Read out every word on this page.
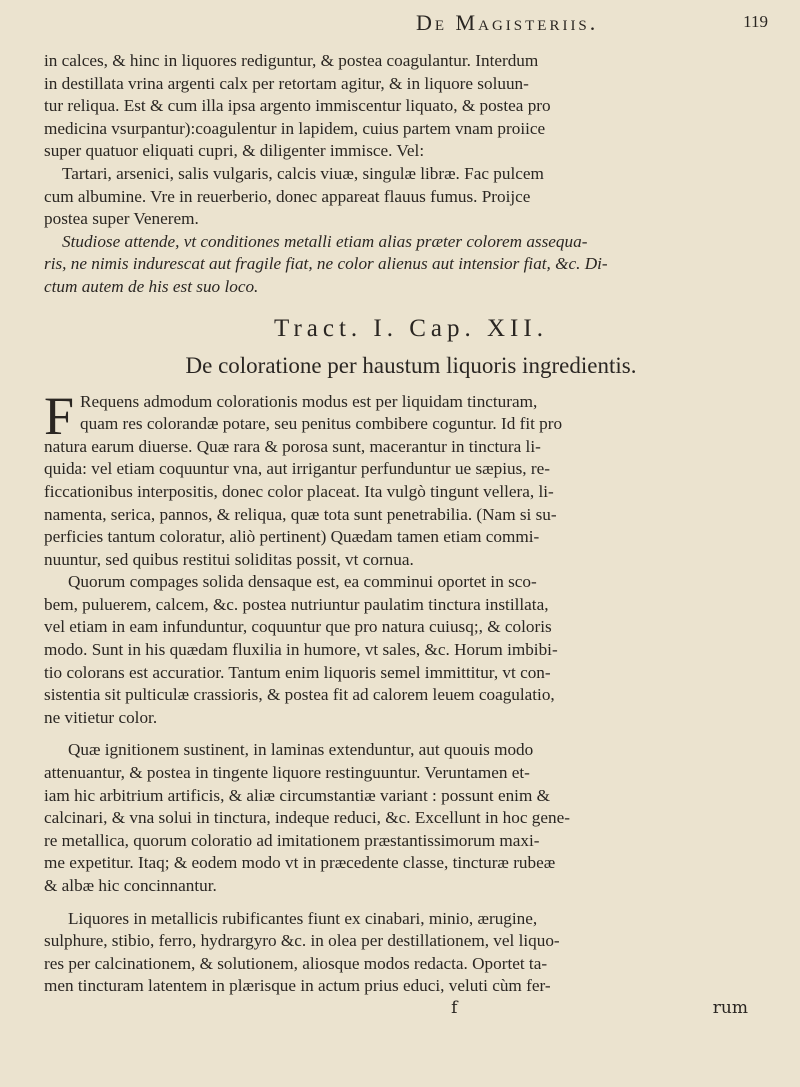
De Magisteriis.	119

in calces, & hinc in liquores rediguntur, & postea coagulantur. Interdum
in destillata vrina argenti calx per retortam agitur, & in liquore soluun-
tur reliqua. Est & cum illa ipsa argento immiscentur liquato, & postea pro
medicina vsurpantur):coagulentur in lapidem, cuius partem vnam proiice
super quatuor eliquati cupri, & diligenter immisce. Vel:
Tartari, arsenici, salis vulgaris, calcis viuæ, singulæ libræ. Fac pulcem
cum albumine. Vre in reuerberio, donec appareat flauus fumus. Proijce
postea super Venerem.

Studiose attende, vt conditiones metalli etiam alias præter colorem assequa-
ris, ne nimis indurescat aut fragile fiat, ne color alienus aut intensior fiat, &c. Di-
ctum autem de his est suo loco.

Tract. I. Cap. XII.
De coloratione per haustum liquoris ingredientis.
F Requens admodum colorationis modus est per liquidam tincturam,
quam res colorandæ potare, seu penitus combibere coguntur. Id fit pro
natura earum diuerse. Quæ rara & porosa sunt, macerantur in tinctura li-
quida: vel etiam coquuntur vna, aut irrigantur perfunduntur ue sæpius, re-
ficcationibus interpositis, donec color placeat. Ita vulgò tingunt vellera, li-
namenta, serica, pannos, & reliqua, quæ tota sunt penetrabilia. (Nam si su-
perficies tantum coloratur, aliò pertinent) Quædam tamen etiam commi-
nuuntur, sed quibus restitui soliditas possit, vt cornua.

Quorum compages solida densaque est, ea comminui oportet in sco-
bem, puluerem, calcem, &c. postea nutriuntur paulatim tinctura instillata,
vel etiam in eam infunduntur, coquuntur que pro natura cuiusq;, & coloris
modo. Sunt in his quædam fluxilia in humore, vt sales, &c. Horum imbibi-
tio colorans est accuratior. Tantum enim liquoris semel immittitur, vt con-
sistentia sit pulticulæ crassioris, & postea fit ad calorem leuem coagulatio,
ne vitietur color.

Quæ ignitionem sustinent, in laminas extenduntur, aut quouis modo
attenuantur, & postea in tingente liquore restinguuntur. Veruntamen et-
iam hic arbitrium artificis, & aliæ circumstantiæ variant : possunt enim &
calcinari, & vna solui in tinctura, indeque reduci, &c. Excellunt in hoc gene-
re metallica, quorum coloratio ad imitationem præstantissimorum maxi-
me expetitur. Itaq; & eodem modo vt in præcedente classe, tincturæ rubeæ
& albæ hic concinnantur.

Liquores in metallicis rubificantes fiunt ex cinabari, minio, ærugine,
sulphure, stibio, ferro, hydrargyro &c. in olea per destillationem, vel liquo-
res per calcinationem, & solutionem, aliosque modos redacta. Oportet ta-
men tincturam latentem in plærisque in actum prius educi, veluti cùm fer-

f	rum
